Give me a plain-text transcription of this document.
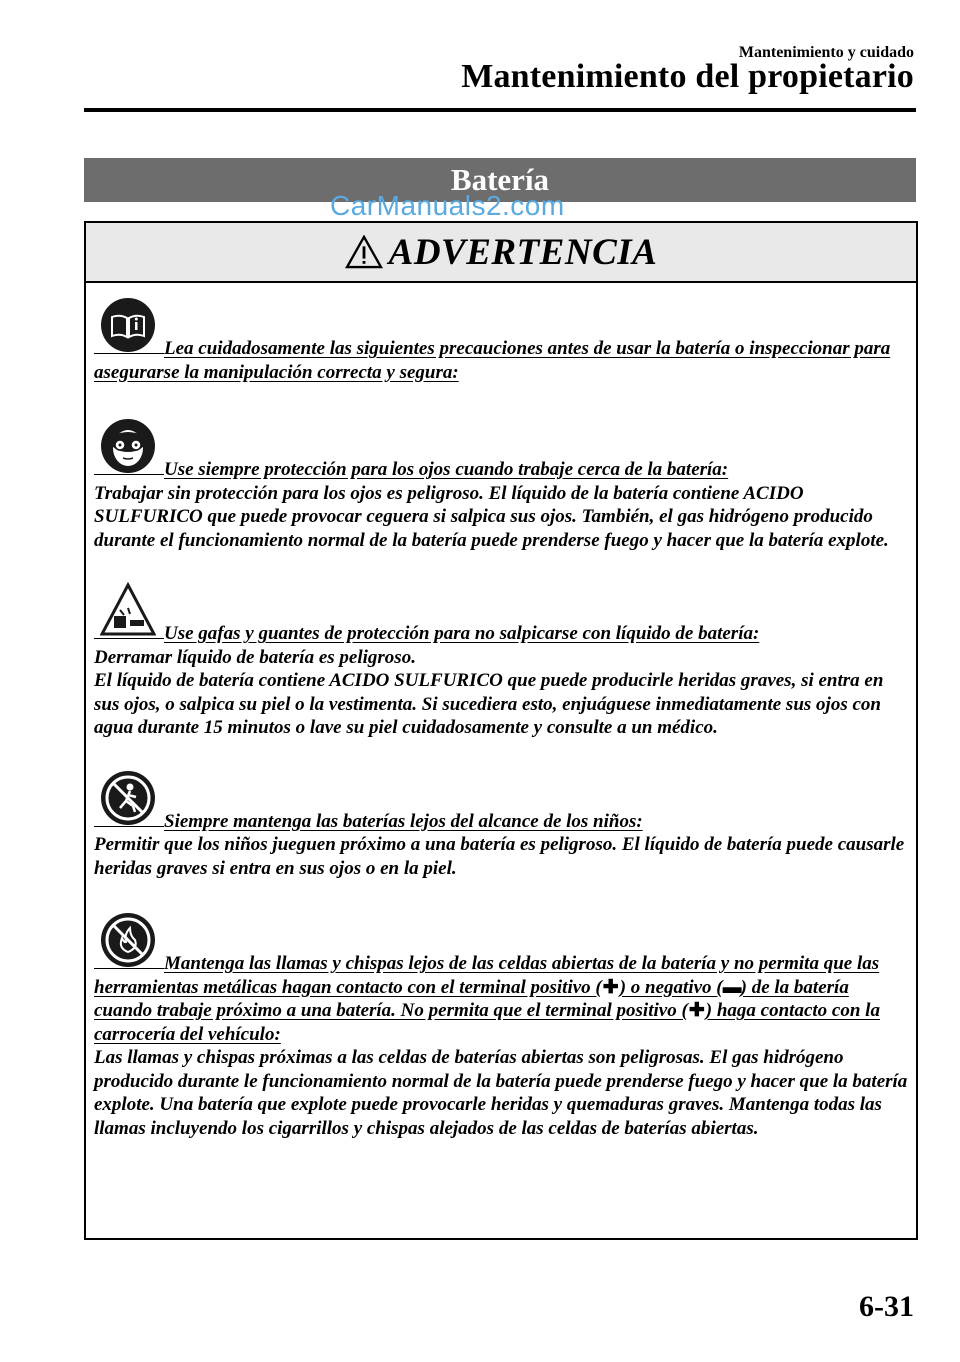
Mantenimiento y cuidado
Mantenimiento del propietario
Batería
CarManuals2.com
ADVERTENCIA
Lea cuidadosamente las siguientes precauciones antes de usar la batería o inspeccionar para asegurarse la manipulación correcta y segura:
Use siempre protección para los ojos cuando trabaje cerca de la batería:

Trabajar sin protección para los ojos es peligroso. El líquido de la batería contiene ACIDO SULFURICO que puede provocar ceguera si salpica sus ojos. También, el gas hidrógeno producido durante el funcionamiento normal de la batería puede prenderse fuego y hacer que la batería explote.

Use gafas y guantes de protección para no salpicarse con líquido de batería:

Derramar líquido de batería es peligroso.

El líquido de batería contiene ACIDO SULFURICO que puede producirle heridas graves, si entra en sus ojos, o salpica su piel o la vestimenta. Si sucediera esto, enjuáguese inmediatamente sus ojos con agua durante 15 minutos o lave su piel cuidadosamente y consulte a un médico.

Siempre mantenga las baterías lejos del alcance de los niños:

Permitir que los niños jueguen próximo a una batería es peligroso. El líquido de batería puede causarle heridas graves si entra en sus ojos o en la piel.

Mantenga las llamas y chispas lejos de las celdas abiertas de la batería y no permita que las herramientas metálicas hagan contacto con el terminal positivo (✚) o negativo (▬) de la batería cuando trabaje próximo a una batería. No permita que el terminal positivo (✚) haga contacto con la carrocería del vehículo:

Las llamas y chispas próximas a las celdas de baterías abiertas son peligrosas. El gas hidrógeno producido durante le funcionamiento normal de la batería puede prenderse fuego y hacer que la batería explote. Una batería que explote puede provocarle heridas y quemaduras graves. Mantenga todas las llamas incluyendo los cigarrillos y chispas alejados de las celdas de baterías abiertas.

6-31
